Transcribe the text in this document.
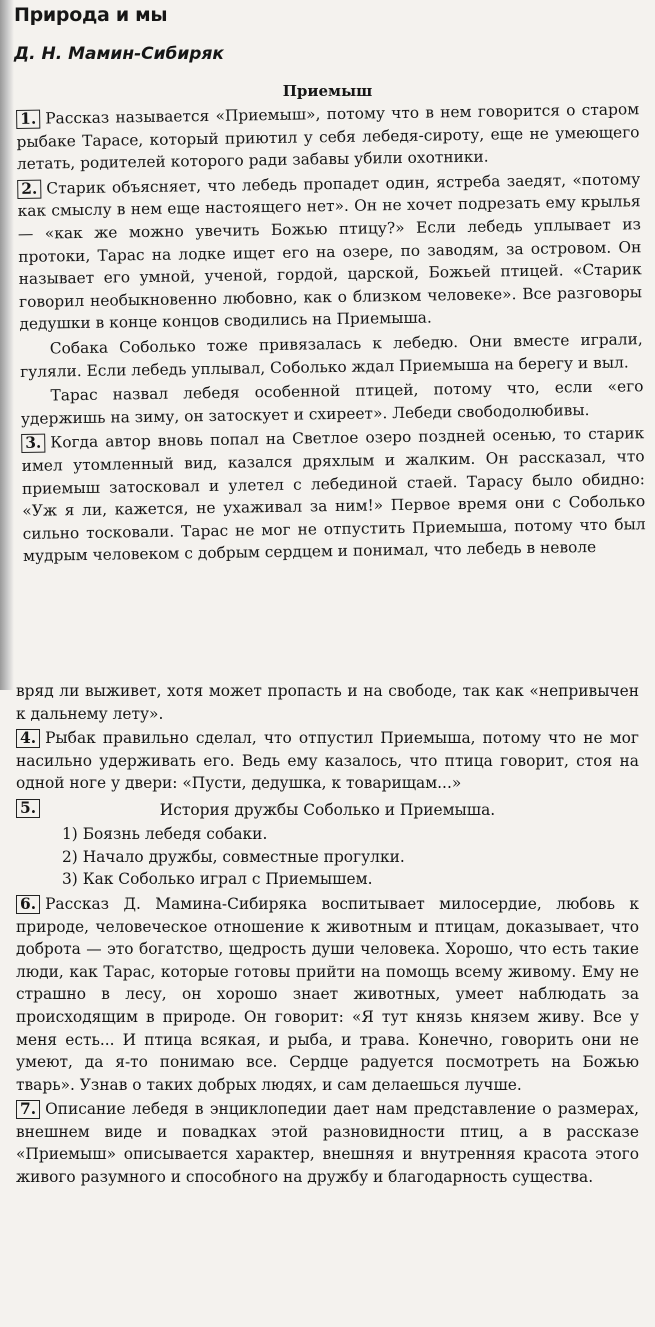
Природа и мы
Д. Н. Мамин-Сибиряк
Приемыш

1. Рассказ называется «Приемыш», потому что в нем говорится о старом рыбаке Тарасе, который приютил у себя лебедя-сироту, еще не умеющего летать, родителей которого ради забавы убили охотники.

2. Старик объясняет, что лебедь пропадет один, ястреба заедят, «потому как смыслу в нем еще настоящего нет». Он не хочет подрезать ему крылья — «как же можно увечить Божью птицу?» Если лебедь уплывает из протоки, Тарас на лодке ищет его на озере, по заводям, за островом. Он называет его умной, ученой, гордой, царской, Божьей птицей. «Старик говорил необыкновенно любовно, как о близком человеке». Все разговоры дедушки в конце концов сводились на Приемыша.

Собака Соболько тоже привязалась к лебедю. Они вместе играли, гуляли. Если лебедь уплывал, Соболько ждал Приемыша на берегу и выл.

Тарас назвал лебедя особенной птицей, потому что, если «его удержишь на зиму, он затоскует и схиреет». Лебеди свободолюбивы.

3. Когда автор вновь попал на Светлое озеро поздней осенью, то старик имел утомленный вид, казался дряхлым и жалким. Он рассказал, что приемыш затосковал и улетел с лебединой стаей. Тарасу было обидно: «Уж я ли, кажется, не ухаживал за ним!» Первое время они с Соболько сильно тосковали. Тарас не мог не отпустить Приемыша, потому что был мудрым человеком с добрым сердцем и понимал, что лебедь в неволе

вряд ли выживет, хотя может пропасть и на свободе, так как «непривычен к дальнему лету».

4. Рыбак правильно сделал, что отпустил Приемыша, потому что не мог насильно удерживать его. Ведь ему казалось, что птица говорит, стоя на одной ноге у двери: «Пусти, дедушка, к товарищам...»

5.	История дружбы Соболько и Приемыша.

1) Боязнь лебедя собаки.

2) Начало дружбы, совместные прогулки.

3) Как Соболько играл с Приемышем.

6. Рассказ Д. Мамина-Сибиряка воспитывает милосердие, любовь к природе, человеческое отношение к животным и птицам, доказывает, что доброта — это богатство, щедрость души человека. Хорошо, что есть такие люди, как Тарас, которые готовы прийти на помощь всему живому. Ему не страшно в лесу, он хорошо знает животных, умеет наблюдать за происходящим в природе. Он говорит: «Я тут князь князем живу. Все у меня есть... И птица всякая, и рыба, и трава. Конечно, говорить они не умеют, да я-то понимаю все. Сердце радуется посмотреть на Божью тварь». Узнав о таких добрых людях, и сам делаешься лучше.

7. Описание лебедя в энциклопедии дает нам представление о размерах, внешнем виде и повадках этой разновидности птиц, а в рассказе «Приемыш» описывается характер, внешняя и внутренняя красота этого живого разумного и способного на дружбу и благодарность существа.
